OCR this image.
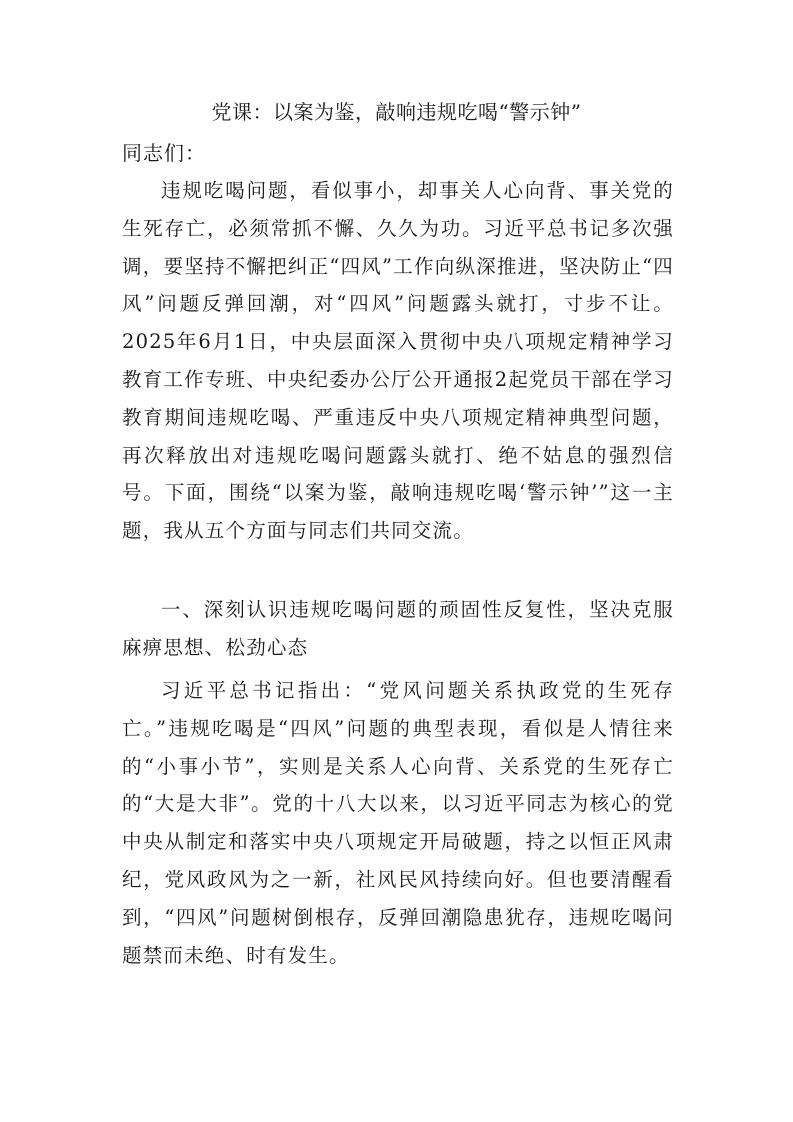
党课：以案为鉴，敲响违规吃喝“警示钟”
同志们：

违规吃喝问题，看似事小，却事关人心向背、事关党的生死存亡，必须常抓不懈、久久为功。习近平总书记多次强调，要坚持不懈把纠正“四风”工作向纵深推进，坚决防止“四风”问题反弹回潮，对“四风”问题露头就打，寸步不让。2025年6月1日，中央层面深入贯彻中央八项规定精神学习教育工作专班、中央纪委办公厅公开通报2起党员干部在学习教育期间违规吃喝、严重违反中央八项规定精神典型问题，再次释放出对违规吃喝问题露头就打、绝不姑息的强烈信号。下面，围绕“以案为鉴，敲响违规吃喝‘警示钟’”这一主题，我从五个方面与同志们共同交流。

一、深刻认识违规吃喝问题的顽固性反复性，坚决克服麻痹思想、松劲心态

习近平总书记指出：“党风问题关系执政党的生死存亡。”违规吃喝是“四风”问题的典型表现，看似是人情往来的“小事小节”，实则是关系人心向背、关系党的生死存亡的“大是大非”。党的十八大以来，以习近平同志为核心的党中央从制定和落实中央八项规定开局破题，持之以恒正风肃纪，党风政风为之一新，社风民风持续向好。但也要清醒看到，“四风”问题树倒根存，反弹回潮隐患犹存，违规吃喝问题禁而未绝、时有发生。
